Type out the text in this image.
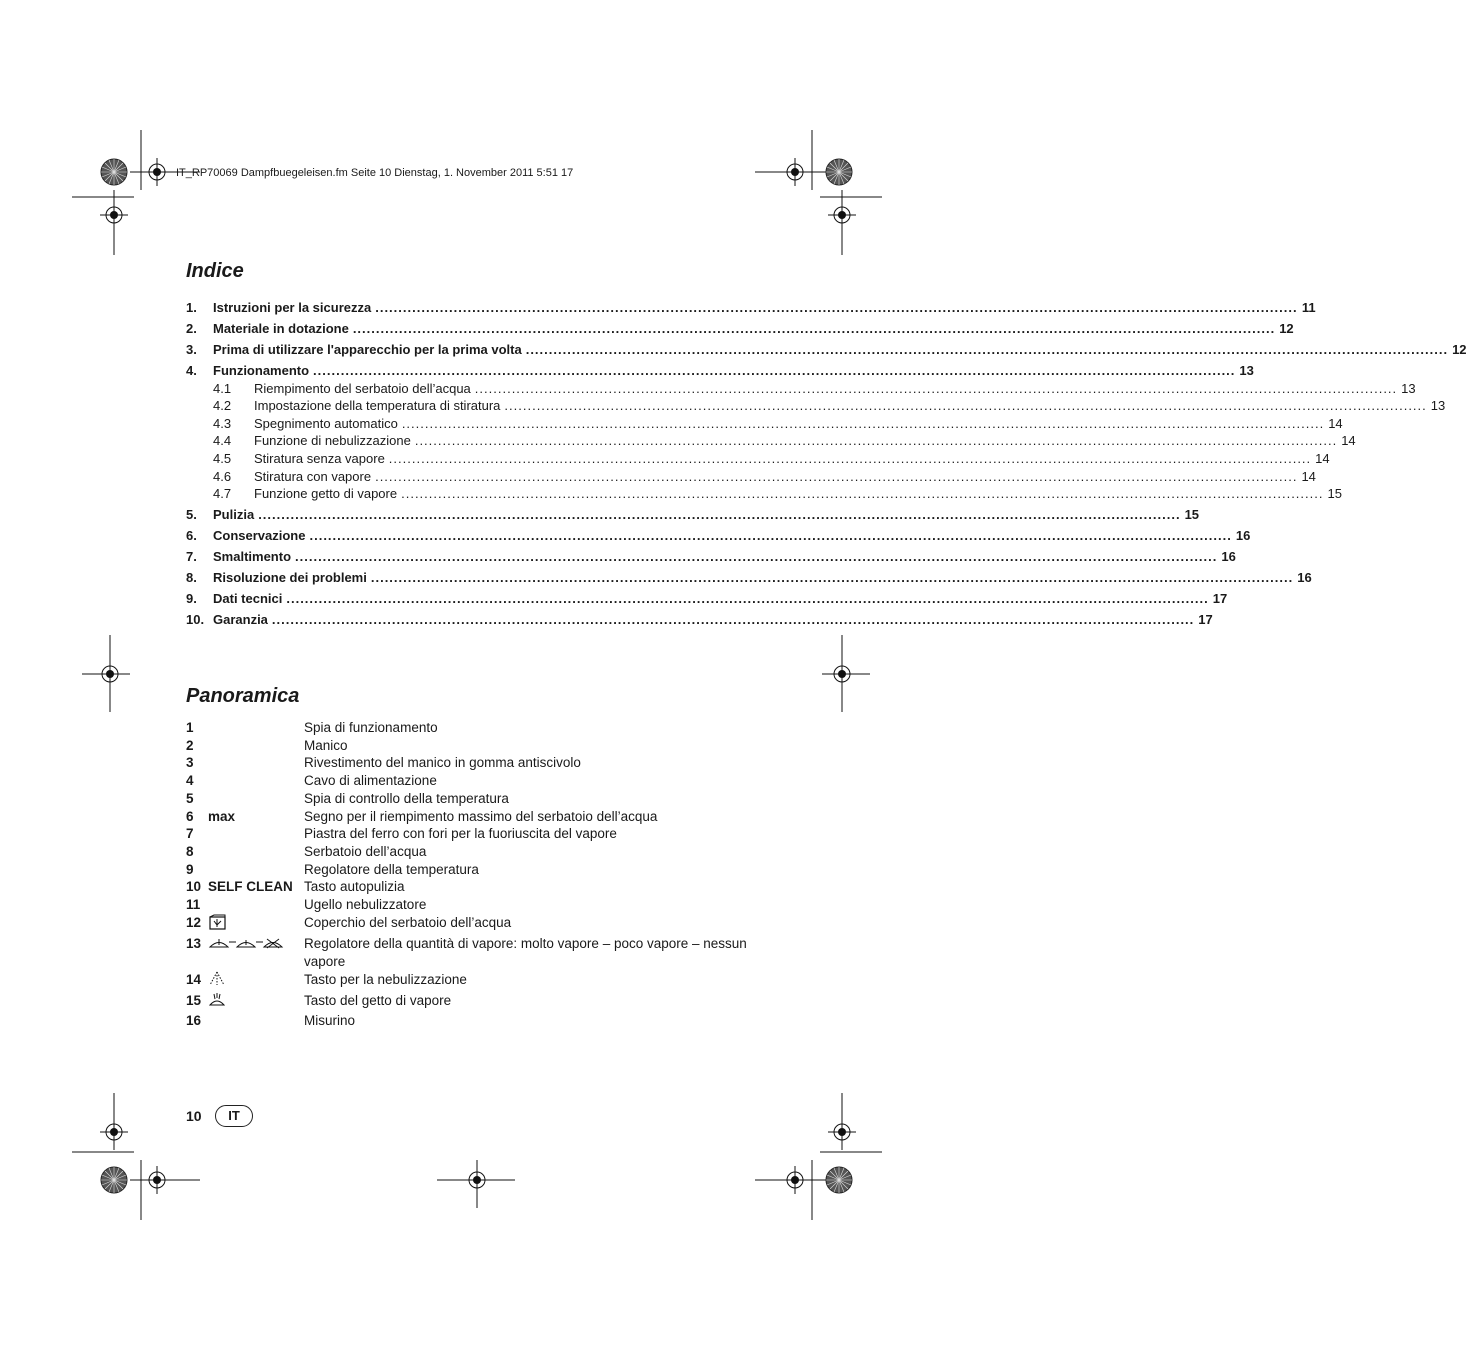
IT_RP70069 Dampfbuegeleisen.fm Seite 10 Dienstag, 1. November 2011 5:51 17
Indice
1.	Istruzioni per la sicurezza ........................................................................................................................................................................................................ 11
2.	Materiale in dotazione ........................................................................................................................................................................................................ 12
3.	Prima di utilizzare l'apparecchio per la prima volta ........................................................................................................................................................................................................ 12
4.	Funzionamento ........................................................................................................................................................................................................ 13
4.1	Riempimento del serbatoio dell’acqua ........................................................................................................................................................................................................ 13
4.2	Impostazione della temperatura di stiratura ........................................................................................................................................................................................................ 13
4.3	Spegnimento automatico ........................................................................................................................................................................................................ 14
4.4	Funzione di nebulizzazione ........................................................................................................................................................................................................ 14
4.5	Stiratura senza vapore ........................................................................................................................................................................................................ 14
4.6	Stiratura con vapore ........................................................................................................................................................................................................ 14
4.7	Funzione getto di vapore ........................................................................................................................................................................................................ 15
5.	Pulizia ........................................................................................................................................................................................................ 15
6.	Conservazione ........................................................................................................................................................................................................ 16
7.	Smaltimento ........................................................................................................................................................................................................ 16
8.	Risoluzione dei problemi ........................................................................................................................................................................................................ 16
9.	Dati tecnici ........................................................................................................................................................................................................ 17
10. Garanzia ........................................................................................................................................................................................................ 17
Panoramica
1	Spia di funzionamento
2	Manico
3	Rivestimento del manico in gomma antiscivolo
4	Cavo di alimentazione
5	Spia di controllo della temperatura
6	max	Segno per il riempimento massimo del serbatoio dell’acqua
7	Piastra del ferro con fori per la fuoriuscita del vapore
8	Serbatoio dell’acqua
9	Regolatore della temperatura
10 SELF CLEAN Tasto autopulizia
11	Ugello nebulizzatore
12	Coperchio del serbatoio dell’acqua
13	Regolatore della quantità di vapore: molto vapore – poco vapore – nessun vapore
14	Tasto per la nebulizzazione
15	Tasto del getto di vapore
16	Misurino
10	IT
